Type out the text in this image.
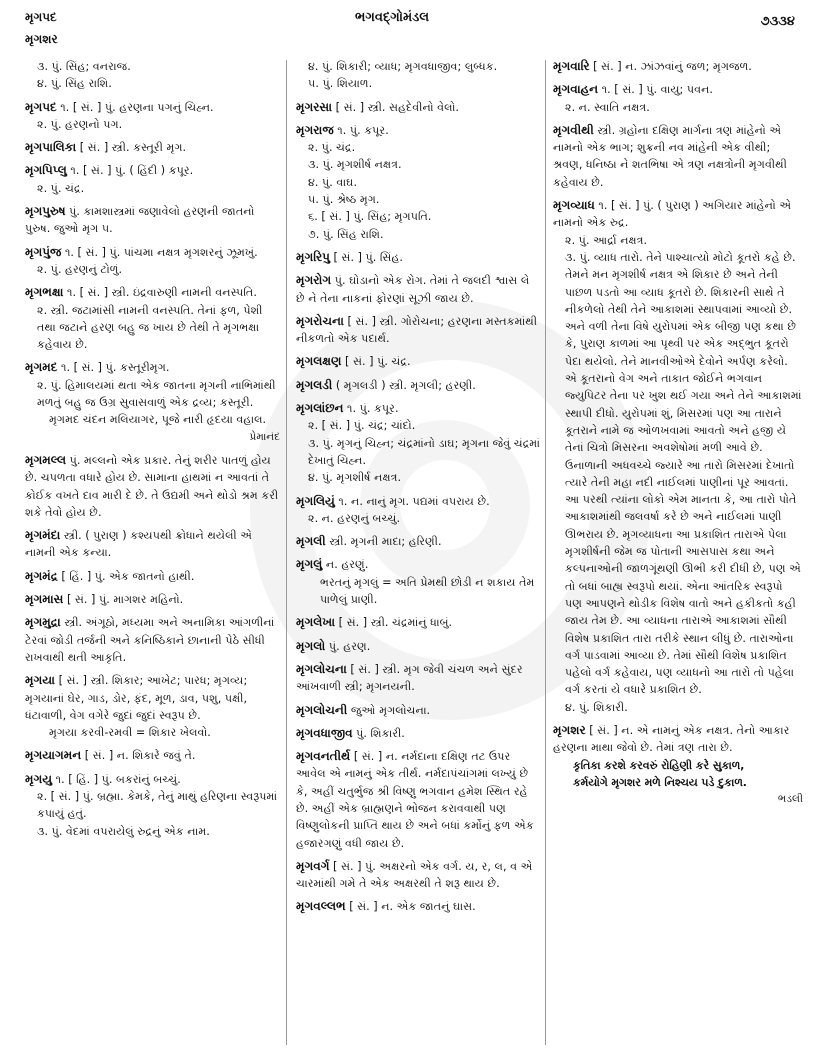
મૃગપદ
મૃગશર
ભગવદ્ગોમંડલ	૭૩૩૪
૩. પું. સિંહ; વનરાજ.
૪. પું. સિંહ રાશિ.
મૃગપદ ૧. [ સં. ] પું. હરણના પગનું ચિહ્ન.
૨. પું. હરણનો પગ.
મૃગપાલિકા [ સં. ] સ્ત્રી. કસ્તૂરી મૃગ.
મૃગપિપ્લુ ૧. [ સં. ] પું. ( હિંદી ) કપૂર.
૨. પું. ચંદ્ર.
મૃગપુરુષ પું. કામશાસ્ત્રમાં જણાવેલો હરણની જાતનો પુરુષ. જુઓ મૃગ ૫.
મૃગપુંજ ૧. [ સં. ] પું. પાંચમા નક્ષત્ર મૃગશરનું ઝૂમખું.
૨. પું. હરણનું ટોળું.
મૃગભક્ષા ૧. [ સં. ] સ્ત્રી. ઇંદ્રવારુણી નામની વનસ્પતિ.
૨. સ્ત્રી. જટામાંસી નામની વનસ્પતિ. તેનાં ફળ, પેશી તથા જટાને હરણ બહુ જ ખાય છે તેથી તે મૃગભક્ષા કહેવાય છે.
મૃગમદ ૧. [ સં. ] પું. કસ્તૂરીમૃગ.
૨. પું. હિમાલયમાં થતા એક જાતના મૃગની નાભિમાંથી મળતું બહુ જ ઉગ્ર સુવાસવાળું એક દ્રવ્ય; કસ્તૂરી.
મૃગમદ ચંદન મલિયાગર, પૂજે નારી હૃદયા વહાલ.
પ્રેમાનંદ
મૃગમલ્લ પું. મલ્લનો એક પ્રકાર. તેનું શરીર પાતળું હોય છે. ચપળતા વધારે હોય છે. સામાના હાથમાં ન આવતાં તે કોઈક વખતે દાવ મારી દે છે. તે ઉદ્યમી અને થોડો શ્રમ કરી શકે તેવો હોય છે.
મૃગમંદા સ્ત્રી. ( પુરાણ ) કશ્યપથી ક્રોધાને થયેલી એ નામની એક કન્યા.
મૃગમંદ્ર [ હિં. ] પું. એક જાતનો હાથી.
મૃગમાસ [ સં. ] પું. માગશર મહિનો.
મૃગમુદ્રા સ્ત્રી. અંગૂઠો, મધ્યમા અને અનામિકા આંગળીનાં ટેરવાં જોડી તર્જની અને કનિષ્ઠિકાને છાનાની પેઠે સીધી રાખવાથી થતી આકૃતિ.
મૃગયા [ સં. ] સ્ત્રી. શિકાર; આખેટ; પારધ; મૃગવ્ય; મૃગયાનાં ઘેર, ગાડ, ડોર, ફંદ, મૂળ, ડાવ, પશુ, પક્ષી, ધંટાવાળી, વેગ વગેરે જુદાં જુદાં સ્વરૂપ છે.
મૃગયા કરવી-રમવી = શિકાર ખેલવો.
મૃગયાગમન [ સં. ] ન. શિકારે જવું તે.
મૃગયુ ૧. [ હિં. ] પું. બકરાંનું બચ્ચું.
૨. [ સં. ] પું. બ્રહ્મા. કેમકે, તેનું માથું હરિણના સ્વરૂપમાં કપાયું હતું.
૩. પું. વેદમાં વપરાયેલું રુદ્રનું એક નામ.
૪. પું. શિકારી; વ્યાધ; મૃગવધાજીવ; લુબ્ધક.
૫. પું. શિયાળ.
મૃગરસા [ સં. ] સ્ત્રી. સહદેવીનો વેલો.
મૃગરાજ ૧. પું. કપૂર.
૨. પું. ચંદ્ર.
૩. પું. મૃગશીર્ષ નક્ષત્ર.
૪. પું. વાઘ.
૫. પું. શ્રેષ્ઠ મૃગ.
૬. [ સં. ] પું. સિંહ; મૃગપતિ.
૭. પું. સિંહ રાશિ.
મૃગરિપુ [ સં. ] પું. સિંહ.
મૃગરોગ પું. ઘોડાનો એક રોગ. તેમાં તે જલદી શ્વાસ લે છે ને તેના નાકનાં ફોરણાં સૂઝી જાય છે.
મૃગરોચના [ સં. ] સ્ત્રી. ગોરોચના; હરણના મસ્તકમાંથી નીકળતો એક પદાર્થ.
મૃગલક્ષણ [ સં. ] પું. ચંદ્ર.
મૃગલડી ( મૃગલડી ) સ્ત્રી. મૃગલી; હરણી.
મૃગલાંછન ૧. પું. કપૂર.
૨. [ સં. ] પું. ચંદ્ર; ચાંદો.
૩. પું. મૃગનું ચિહ્ન; ચંદ્રમાંનો ડાઘ; મૃગના જેવું ચંદ્રમાં દેખાતું ચિહ્ન.
૪. પું. મૃગશીર્ષ નક્ષત્ર.
મૃગલિયું ૧. ન. નાનું મૃગ. પદ્યમાં વપરાય છે.
૨. ન. હરણનું બચ્ચું.
મૃગલી સ્ત્રી. મૃગની માદા; હરિણી.
મૃગલું ન. હરણું.
ભરતનું મૃગલું = અતિ પ્રેમથી છોડી ન શકાય તેમ પાળેલું પ્રાણી.
મૃગલેખા [ સં. ] સ્ત્રી. ચંદ્રમાંનું ધાબું.
મૃગલો પું. હરણ.
મૃગલોચના [ સં. ] સ્ત્રી. મૃગ જેવી ચંચળ અને સુંદર આંખવાળી સ્ત્રી; મૃગનયની.
મૃગલોચની જુઓ મૃગલોચના.
મૃગવધાજીવ પું. શિકારી.
મૃગવનતીર્થ [ સં. ] ન. નર્મદાના દક્ષિણ તટ ઉપર આવેલ એ નામનું એક તીર્થ. નર્મદાપંચાંગમાં લખ્યું છે કે, અહીં ચતુર્ભુજ શ્રી વિષ્ણુ ભગવાન હમેશ સ્થિત રહે છે. અહીં એક બ્રાહ્મણને ભોજન કરાવવાથી પણ વિષ્ણુલોકની પ્રાપ્તિ થાય છે અને બધાં કર્મોનું ફળ એક હજારગણું વધી જાય છે.
મૃગવર્ગ [ સં. ] પું. અક્ષરનો એક વર્ગ. ય, ર, લ, વ એ ચારમાંથી ગમે તે એક અક્ષરથી તે શરૂ થાય છે.
મૃગવલ્લભ [ સં. ] ન. એક જાતનું ઘાસ.
મૃગવારિ [ સં. ] ન. ઝાંઝવાંનું જળ; મૃગજળ.
મૃગવાહન ૧. [ સં. ] પું. વાયુ; પવન.
૨. ન. સ્વાતિ નક્ષત્ર.
મૃગવીથી સ્ત્રી. ગ્રહોના દક્ષિણ માર્ગના ત્રણ માંહેનો એ નામનો એક ભાગ; શુક્રની નવ માંહેની એક વીથી; શ્રવણ, ધનિષ્ઠા ને શતભિષા એ ત્રણ નક્ષત્રોની મૃગવીથી કહેવાય છે.
મૃગવ્યાધ ૧. [ સં. ] પું. ( પુરાણ ) અગિયાર માંહેનો એ નામનો એક રુદ્ર.
૨. પું. આર્દ્રા નક્ષત્ર.
૩. પું. વ્યાધ તારો. તેને પાશ્ચાત્યો મોટો કૂતરો કહે છે. તેમને મન મૃગશીર્ષ નક્ષત્ર એ શિકાર છે અને તેની પાછળ પડતો આ વ્યાધ કૂતરો છે. શિકારની સાથે તે નીકળેલો તેથી તેને આકાશમાં સ્થાપવામાં આવ્યો છે. અને વળી તેના વિષે યુરોપમાં એક બીજી પણ કથા છે કે, પુરાણ કાળમાં આ પૃથ્વી પર એક અદ્ભુત કૂતરો પેદા થયેલો. તેને માનવીઓએ દેવોને અર્પણ કરેલો. એ કૂતરાનો વેગ અને તાકાત જોઈને ભગવાન જ્યુપિટર તેના પર ખુશ થઈ ગયા અને તેને આકાશમાં સ્થાપી દીધો. યુરોપમાં શું, મિસરમાં પણ આ તારાને કૂતરાને નામે જ ઓળખવામાં આવતો અને હજી યે તેનાં ચિત્રો મિસરના અવશેષોમાં મળી આવે છે. ઉનાળાની અધવચ્ચે જ્યારે આ તારો મિસરમાં દેખાતો ત્યારે તેની મહા નદી નાઈલમાં પાણીનાં પૂર આવતાં. આ પરથી ત્યાંના લોકો એમ માનતા કે, આ તારો પોતે આકાશમાંથી જલવર્ષા કરે છે અને નાઈલમાં પાણી ઊભરાય છે. મૃગવ્યાધના આ પ્રકાશિત તારાએ પેલા મૃગશીર્ષની જેમ જ પોતાની આસપાસ કથા અને કલ્પનાઓની જાળગૂંથણી ઊભી કરી દીધી છે, પણ એ તો બધાં બાહ્ય સ્વરૂપો થયાં. એના આંતરિક સ્વરૂપો પણ આપણને થોડીક વિશેષ વાતો અને હકીકતો કહી જાય તેમ છે. આ વ્યાધના તારાએ આકાશમાં સૌથી વિશેષ પ્રકાશિત તારા તરીકે સ્થાન લીધું છે. તારાઓના વર્ગ પાડવામાં આવ્યા છે. તેમાં સૌથી વિશેષ પ્રકાશિત પહેલો વર્ગ કહેવાય, પણ વ્યાધનો આ તારો તો પહેલા વર્ગ કરતાં યે વધારે પ્રકાશિત છે.
૪. પું. શિકારી.
મૃગશર [ સં. ] ન. એ નામનું એક નક્ષત્ર. તેનો આકાર હરણના માથા જેવો છે. તેમાં ત્રણ તારા છે.
કૃતિકા કરશે કરવરું રોહિણી કરે સુકાળ,
કર્મયોગે મૃગશર મળે નિશ્ચય પડે દુકાળ.
ભડલી
